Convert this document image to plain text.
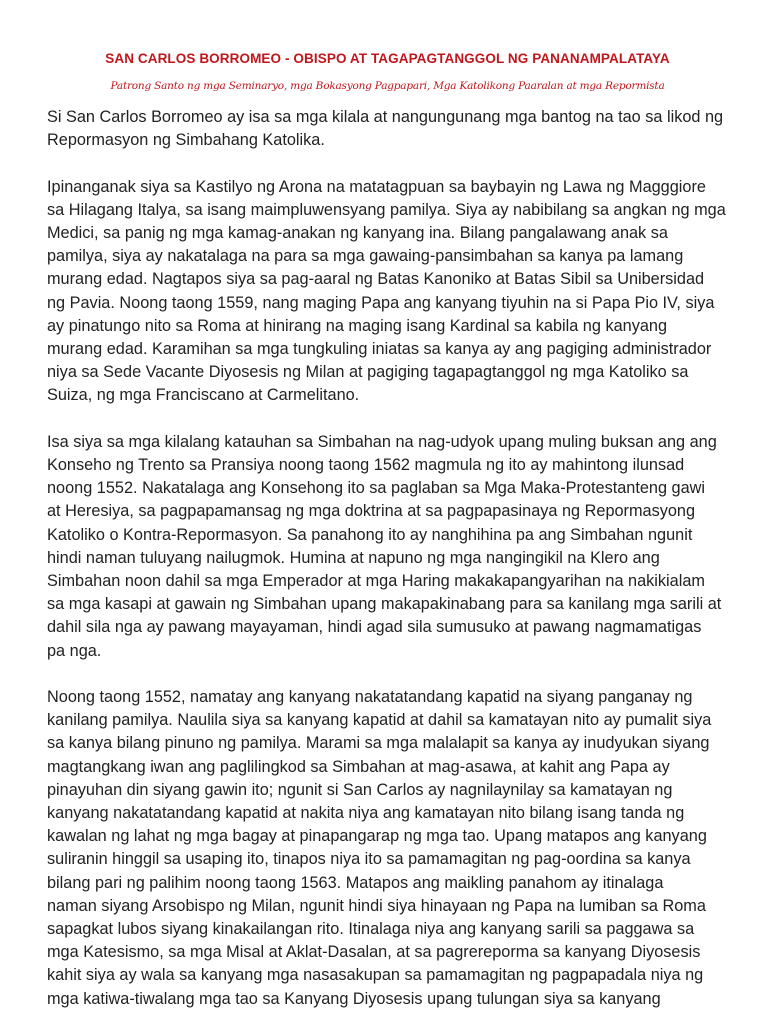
SAN CARLOS BORROMEO - OBISPO AT TAGAPAGTANGGOL NG PANANAMPALATAYA
Patrong Santo ng mga Seminaryo, mga Bokasyong Pagpapari, Mga Katolikong Paaralan at mga Repormista

Si San Carlos Borromeo ay isa sa mga kilala at nangungunang mga bantog na tao sa likod ng
Repormasyon ng Simbahang Katolika.

Ipinanganak siya sa Kastilyo ng Arona na matatagpuan sa baybayin ng Lawa ng Magggiore
sa Hilagang Italya, sa isang maimpluwensyang pamilya. Siya ay nabibilang sa angkan ng mga
Medici, sa panig ng mga kamag-anakan ng kanyang ina. Bilang pangalawang anak sa
pamilya, siya ay nakatalaga na para sa mga gawaing-pansimbahan sa kanya pa lamang
murang edad. Nagtapos siya sa pag-aaral ng Batas Kanoniko at Batas Sibil sa Unibersidad
ng Pavia. Noong taong 1559, nang maging Papa ang kanyang tiyuhin na si Papa Pio IV, siya
ay pinatungo nito sa Roma at hinirang na maging isang Kardinal sa kabila ng kanyang
murang edad. Karamihan sa mga tungkuling iniatas sa kanya ay ang pagiging administrador
niya sa Sede Vacante Diyosesis ng Milan at pagiging tagapagtanggol ng mga Katoliko sa
Suiza, ng mga Franciscano at Carmelitano.

Isa siya sa mga kilalang katauhan sa Simbahan na nag-udyok upang muling buksan ang ang
Konseho ng Trento sa Pransiya noong taong 1562 magmula ng ito ay mahintong ilunsad
noong 1552. Nakatalaga ang Konsehong ito sa paglaban sa Mga Maka-Protestanteng gawi
at Heresiya, sa pagpapamansag ng mga doktrina at sa pagpapasinaya ng Repormasyong
Katoliko o Kontra-Repormasyon. Sa panahong ito ay nanghihina pa ang Simbahan ngunit
hindi naman tuluyang nailugmok. Humina at napuno ng mga nangingikil na Klero ang
Simbahan noon dahil sa mga Emperador at mga Haring makakapangyarihan na nakikialam
sa mga kasapi at gawain ng Simbahan upang makapakinabang para sa kanilang mga sarili at
dahil sila nga ay pawang mayayaman, hindi agad sila sumusuko at pawang nagmamatigas
pa nga.

Noong taong 1552, namatay ang kanyang nakatatandang kapatid na siyang panganay ng
kanilang pamilya. Naulila siya sa kanyang kapatid at dahil sa kamatayan nito ay pumalit siya
sa kanya bilang pinuno ng pamilya. Marami sa mga malalapit sa kanya ay inudyukan siyang
magtangkang iwan ang paglilingkod sa Simbahan at mag-asawa, at kahit ang Papa ay
pinayuhan din siyang gawin ito; ngunit si San Carlos ay nagnilaynilay sa kamatayan ng
kanyang nakatatandang kapatid at nakita niya ang kamatayan nito bilang isang tanda ng
kawalan ng lahat ng mga bagay at pinapangarap ng mga tao. Upang matapos ang kanyang
suliranin hinggil sa usaping ito, tinapos niya ito sa pamamagitan ng pag-oordina sa kanya
bilang pari ng palihim noong taong 1563. Matapos ang maikling panahom ay itinalaga
naman siyang Arsobispo ng Milan, ngunit hindi siya hinayaan ng Papa na lumiban sa Roma
sapagkat lubos siyang kinakailangan rito. Itinalaga niya ang kanyang sarili sa paggawa sa
mga Katesismo, sa mga Misal at Aklat-Dasalan, at sa pagrereporma sa kanyang Diyosesis
kahit siya ay wala sa kanyang mga nasasakupan sa pamamagitan ng pagpapadala niya ng
mga katiwa-tiwalang mga tao sa Kanyang Diyosesis upang tulungan siya sa kanyang
